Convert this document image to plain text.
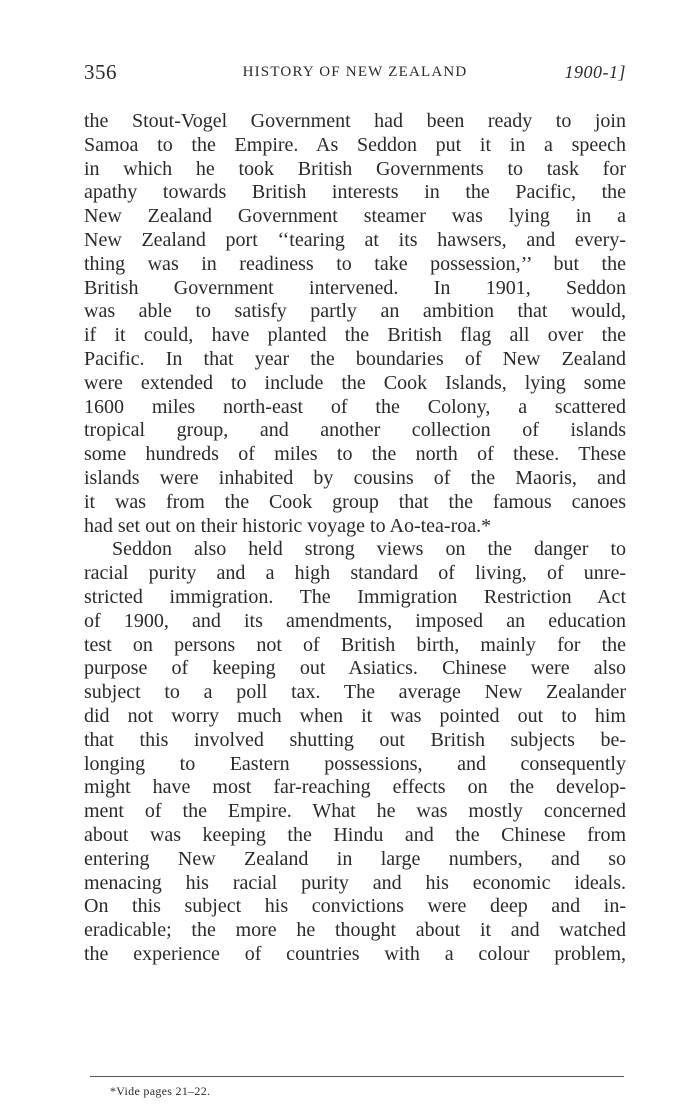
356	HISTORY OF NEW ZEALAND	1900-1]
the Stout-Vogel Government had been ready to join
Samoa to the Empire. As Seddon put it in a speech
in which he took British Governments to task for
apathy towards British interests in the Pacific, the
New Zealand Government steamer was lying in a
New Zealand port ‘‘tearing at its hawsers, and every-
thing was in readiness to take possession,’’ but the
British Government intervened. In 1901, Seddon
was able to satisfy partly an ambition that would,
if it could, have planted the British flag all over the
Pacific. In that year the boundaries of New Zealand
were extended to include the Cook Islands, lying some
1600 miles north-east of the Colony, a scattered
tropical group, and another collection of islands
some hundreds of miles to the north of these. These
islands were inhabited by cousins of the Maoris, and
it was from the Cook group that the famous canoes
had set out on their historic voyage to Ao-tea-roa.*
Seddon also held strong views on the danger to
racial purity and a high standard of living, of unre-
stricted immigration. The Immigration Restriction Act
of 1900, and its amendments, imposed an education
test on persons not of British birth, mainly for the
purpose of keeping out Asiatics. Chinese were also
subject to a poll tax. The average New Zealander
did not worry much when it was pointed out to him
that this involved shutting out British subjects be-
longing to Eastern possessions, and consequently
might have most far-reaching effects on the develop-
ment of the Empire. What he was mostly concerned
about was keeping the Hindu and the Chinese from
entering New Zealand in large numbers, and so
menacing his racial purity and his economic ideals.
On this subject his convictions were deep and in-
eradicable; the more he thought about it and watched
the experience of countries with a colour problem,
*Vide pages 21–22.
